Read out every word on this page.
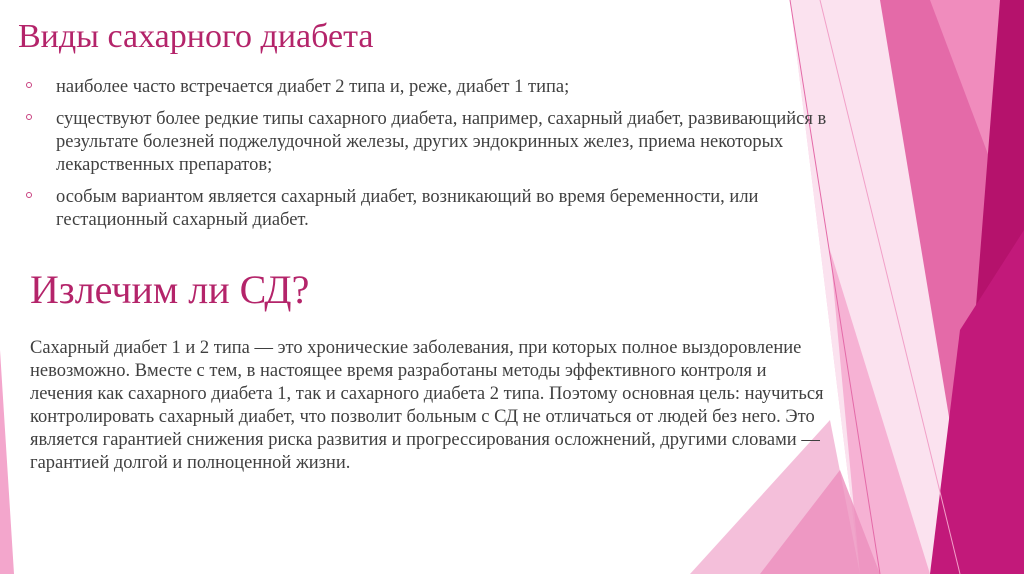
Виды сахарного диабета
наиболее часто встречается диабет 2 типа и, реже, диабет 1 типа;
существуют более редкие типы сахарного диабета, например, сахарный диабет, развивающийся в результате болезней поджелудочной железы, других эндокринных желез, приема некоторых лекарственных препаратов;
особым вариантом является сахарный диабет, возникающий во время беременности, или гестационный сахарный диабет.
Излечим ли СД?

Сахарный диабет 1 и 2 типа — это хронические заболевания, при которых полное выздоровление невозможно. Вместе с тем, в настоящее время разработаны методы эффективного контроля и лечения как сахарного диабета 1, так и сахарного диабета 2 типа. Поэтому основная цель: научиться контролировать сахарный диабет, что позволит больным с СД не отличаться от людей без него. Это является гарантией снижения риска развития и прогрессирования осложнений, другими словами — гарантией долгой и полноценной жизни.
